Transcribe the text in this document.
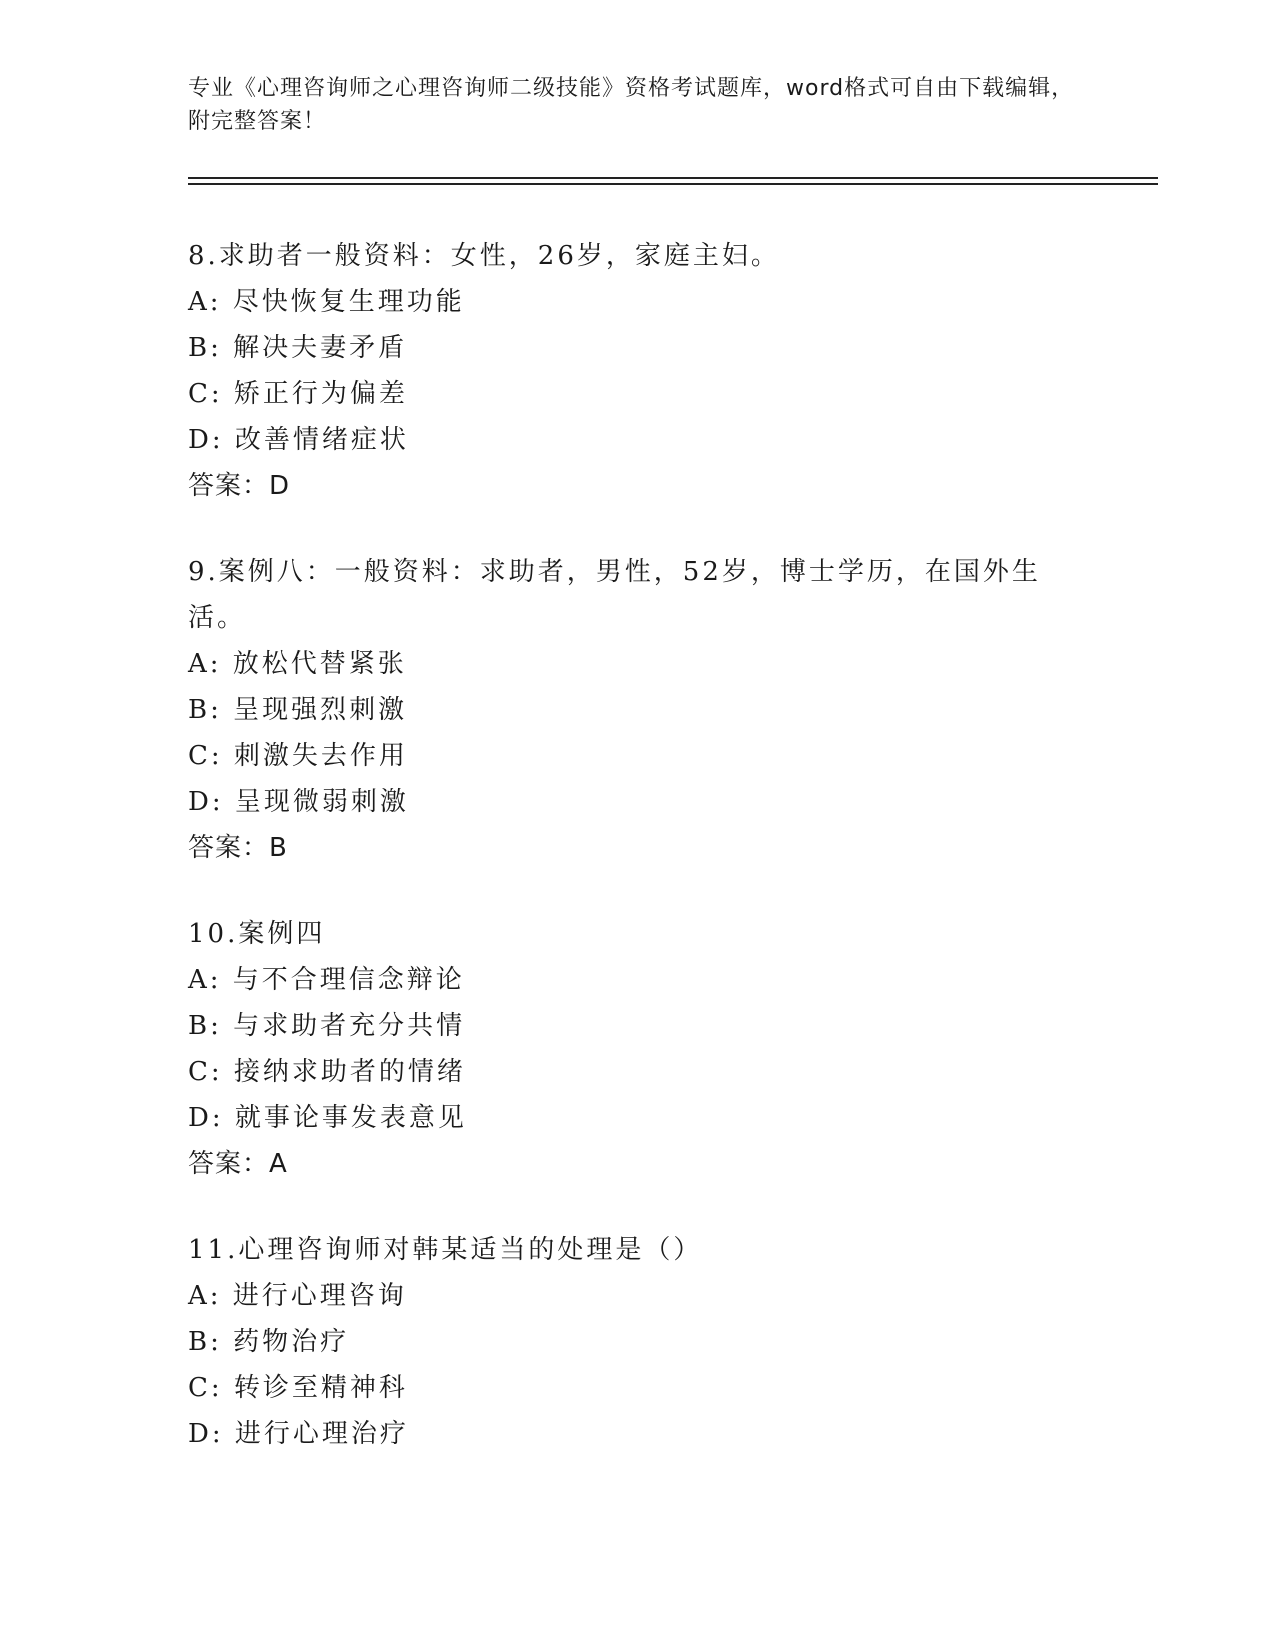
专业《心理咨询师之心理咨询师二级技能》资格考试题库，word格式可自由下载编辑，附完整答案！
8.求助者一般资料：女性，26岁，家庭主妇。
A: 尽快恢复生理功能
B: 解决夫妻矛盾
C: 矫正行为偏差
D: 改善情绪症状
答案：D
9.案例八：一般资料：求助者，男性，52岁，博士学历，在国外生活。
A: 放松代替紧张
B: 呈现强烈刺激
C: 刺激失去作用
D: 呈现微弱刺激
答案：B
10.案例四
A: 与不合理信念辩论
B: 与求助者充分共情
C: 接纳求助者的情绪
D: 就事论事发表意见
答案：A
11.心理咨询师对韩某适当的处理是（）
A: 进行心理咨询
B: 药物治疗
C: 转诊至精神科
D: 进行心理治疗
